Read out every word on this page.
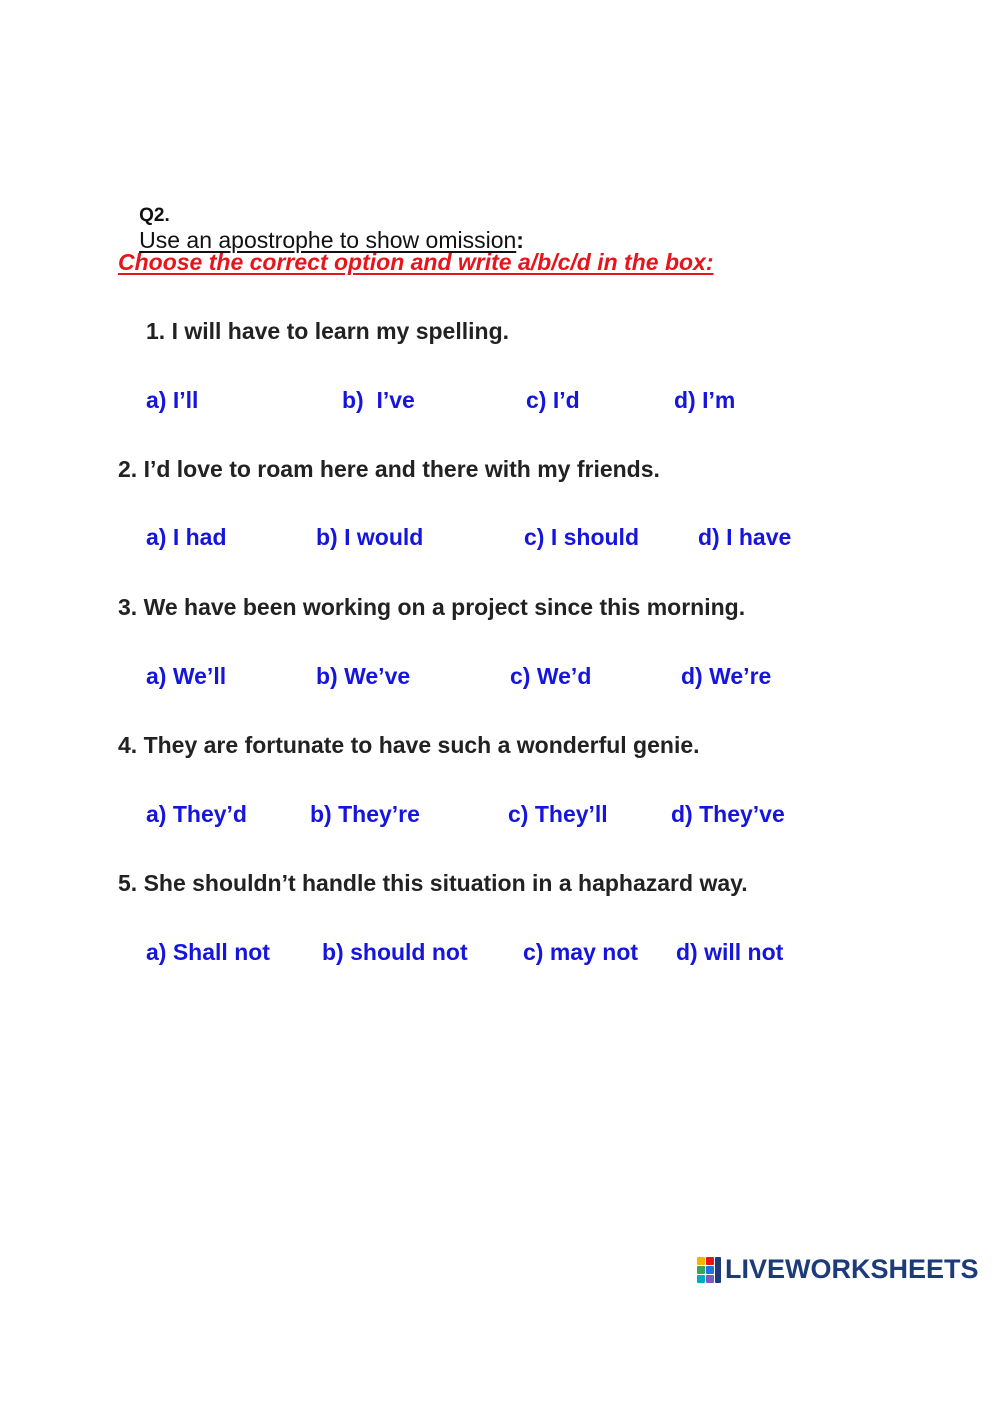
Q2.
Use an apostrophe to show omission:

Choose the correct option and write a/b/c/d in the box:
1. I will have to learn my spelling.
a) I’ll	b)  I’ve	c) I’d	d) I’m
2. I’d love to roam here and there with my friends.
a) I had	b) I would	c) I should	d) I have
3. We have been working on a project since this morning.
a) We’ll	b) We’ve	c) We’d	d) We’re
4. They are fortunate to have such a wonderful genie.
a) They’d	b) They’re	c) They’ll	d) They’ve
5. She shouldn’t handle this situation in a haphazard way.
a) Shall not b) should not c) may not d) will not

LIVEWORKSHEETS
